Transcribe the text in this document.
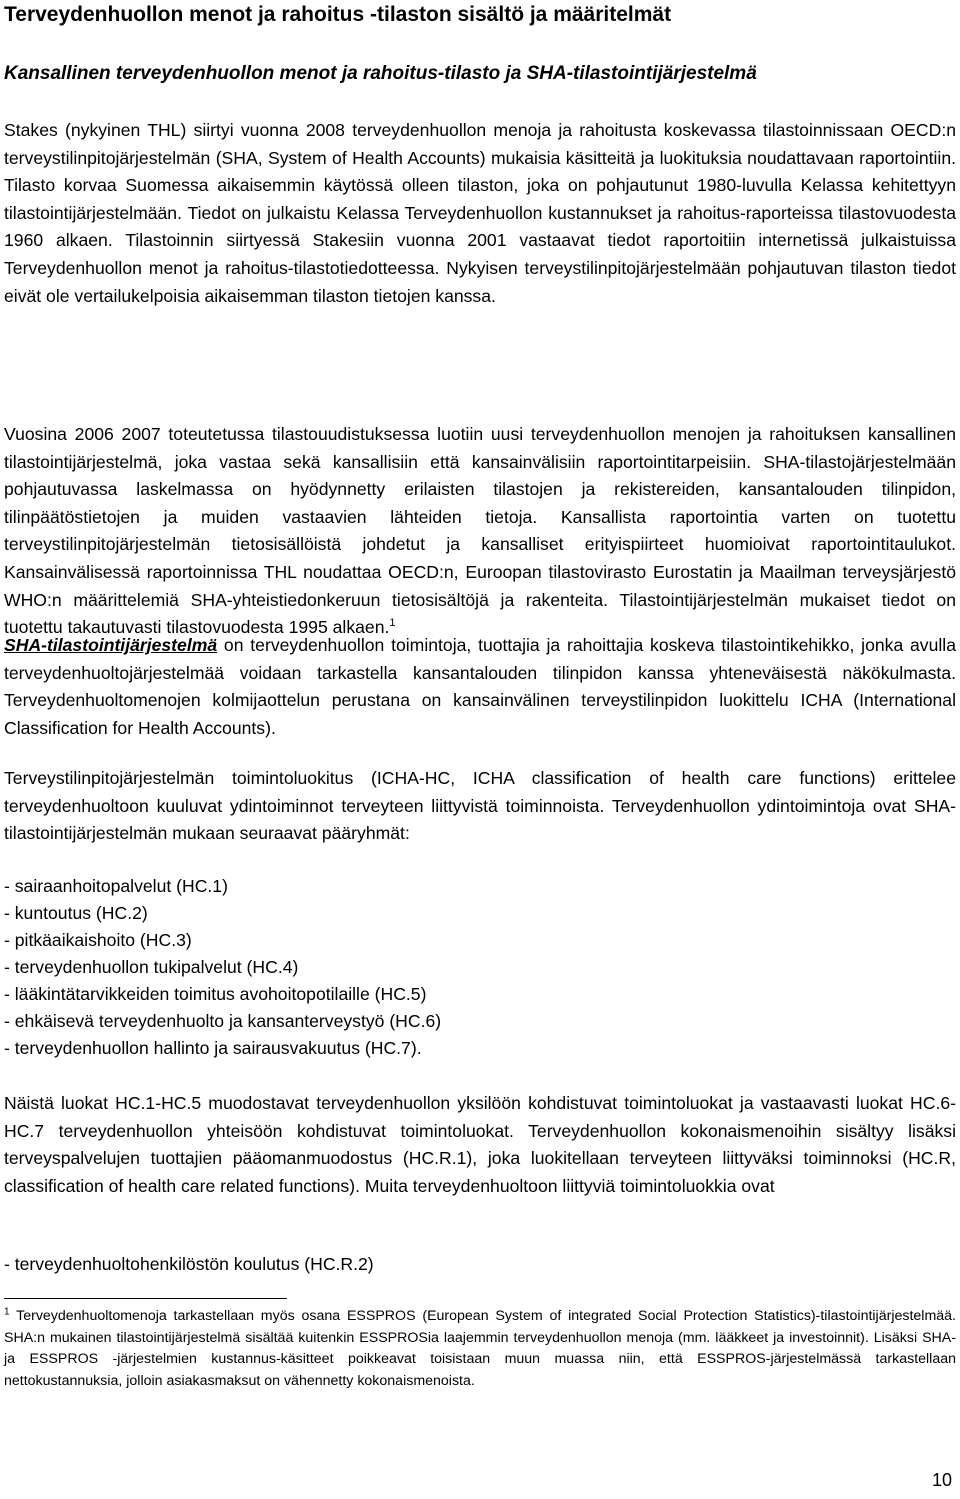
Terveydenhuollon menot ja rahoitus -tilaston sisältö ja määritelmät
Kansallinen terveydenhuollon menot ja rahoitus-tilasto ja SHA-tilastointijärjestelmä

Stakes (nykyinen THL) siirtyi vuonna 2008 terveydenhuollon menoja ja rahoitusta koskevassa tilastoinnissaan OECD:n terveystilinpitojärjestelmän (SHA, System of Health Accounts) mukaisia käsitteitä ja luokituksia noudattavaan raportointiin. Tilasto korvaa Suomessa aikaisemmin käytössä olleen tilaston, joka on pohjautunut 1980-luvulla Kelassa kehitettyyn tilastointijärjestelmään. Tiedot on julkaistu Kelassa Terveydenhuollon kustannukset ja rahoitus-raporteissa tilastovuodesta 1960 alkaen. Tilastoinnin siirtyessä Stakesiin vuonna 2001 vastaavat tiedot raportoitiin internetissä julkaistuissa Terveydenhuollon menot ja rahoitus-tilastotiedotteessa. Nykyisen terveystilinpitojärjestelmään pohjautuvan tilaston tiedot eivät ole vertailukelpoisia aikaisemman tilaston tietojen kanssa.

Vuosina 2006 2007 toteutetussa tilastouudistuksessa luotiin uusi terveydenhuollon menojen ja rahoituksen kansallinen tilastointijärjestelmä, joka vastaa sekä kansallisiin että kansainvälisiin raportointitarpeisiin. SHA-tilastojärjestelmään pohjautuvassa laskelmassa on hyödynnetty erilaisten tilastojen ja rekistereiden, kansantalouden tilinpidon, tilinpäätöstietojen ja muiden vastaavien lähteiden tietoja. Kansallista raportointia varten on tuotettu terveystilinpitojärjestelmän tietosisällöistä johdetut ja kansalliset erityispiirteet huomioivat raportointitaulukot. Kansainvälisessä raportoinnissa THL noudattaa OECD:n, Euroopan tilastovirasto Eurostatin ja Maailman terveysjärjestö WHO:n määrittelemiä SHA-yhteistiedonkeruun tietosisältöjä ja rakenteita. Tilastointijärjestelmän mukaiset tiedot on tuotettu takautuvasti tilastovuodesta 1995 alkaen.$^1$

SHA-tilastointijärjestelmä on terveydenhuollon toimintoja, tuottajia ja rahoittajia koskeva tilastointikehikko, jonka avulla terveydenhuoltojärjestelmää voidaan tarkastella kansantalouden tilinpidon kanssa yhteneväisestä näkökulmasta. Terveydenhuoltomenojen kolmijaottelun perustana on kansainvälinen terveystilinpidon luokittelu ICHA (International Classification for Health Accounts).

Terveystilinpitojärjestelmän toimintoluokitus (ICHA-HC, ICHA classification of health care functions) erittelee terveydenhuoltoon kuuluvat ydintoiminnot terveyteen liittyvistä toiminnoista. Terveydenhuollon ydintoimintoja ovat SHA-tilastointijärjestelmän mukaan seuraavat pääryhmät:

- sairaanhoitopalvelut (HC.1)
- kuntoutus (HC.2)
- pitkäaikaishoito (HC.3)
- terveydenhuollon tukipalvelut (HC.4)
- lääkintätarvikkeiden toimitus avohoitopotilaille (HC.5)
- ehkäisevä terveydenhuolto ja kansanterveystyö (HC.6)
- terveydenhuollon hallinto ja sairausvakuutus (HC.7).

Näistä luokat HC.1-HC.5 muodostavat terveydenhuollon yksilöön kohdistuvat toimintoluokat ja vastaavasti luokat HC.6-HC.7 terveydenhuollon yhteisöön kohdistuvat toimintoluokat. Terveydenhuollon kokonaismenoihin sisältyy lisäksi terveyspalvelujen tuottajien pääomanmuodostus (HC.R.1), joka luokitellaan terveyteen liittyväksi toiminnoksi (HC.R, classification of health care related functions). Muita terveydenhuoltoon liittyviä toimintoluokkia ovat

- terveydenhuoltohenkilöstön koulutus (HC.R.2)

$^1$ Terveydenhuoltomenoja tarkastellaan myös osana ESSPROS (European System of integrated Social Protection Statistics)-tilastointijärjestelmää. SHA:n mukainen tilastointijärjestelmä sisältää kuitenkin ESSPROSia laajemmin terveydenhuollon menoja (mm. lääkkeet ja investoinnit). Lisäksi SHA- ja ESSPROS -järjestelmien kustannus-käsitteet poikkeavat toisistaan muun muassa niin, että ESSPROS-järjestelmässä tarkastellaan nettokustannuksia, jolloin asiakasmaksut on vähennetty kokonaismenoista.

10
